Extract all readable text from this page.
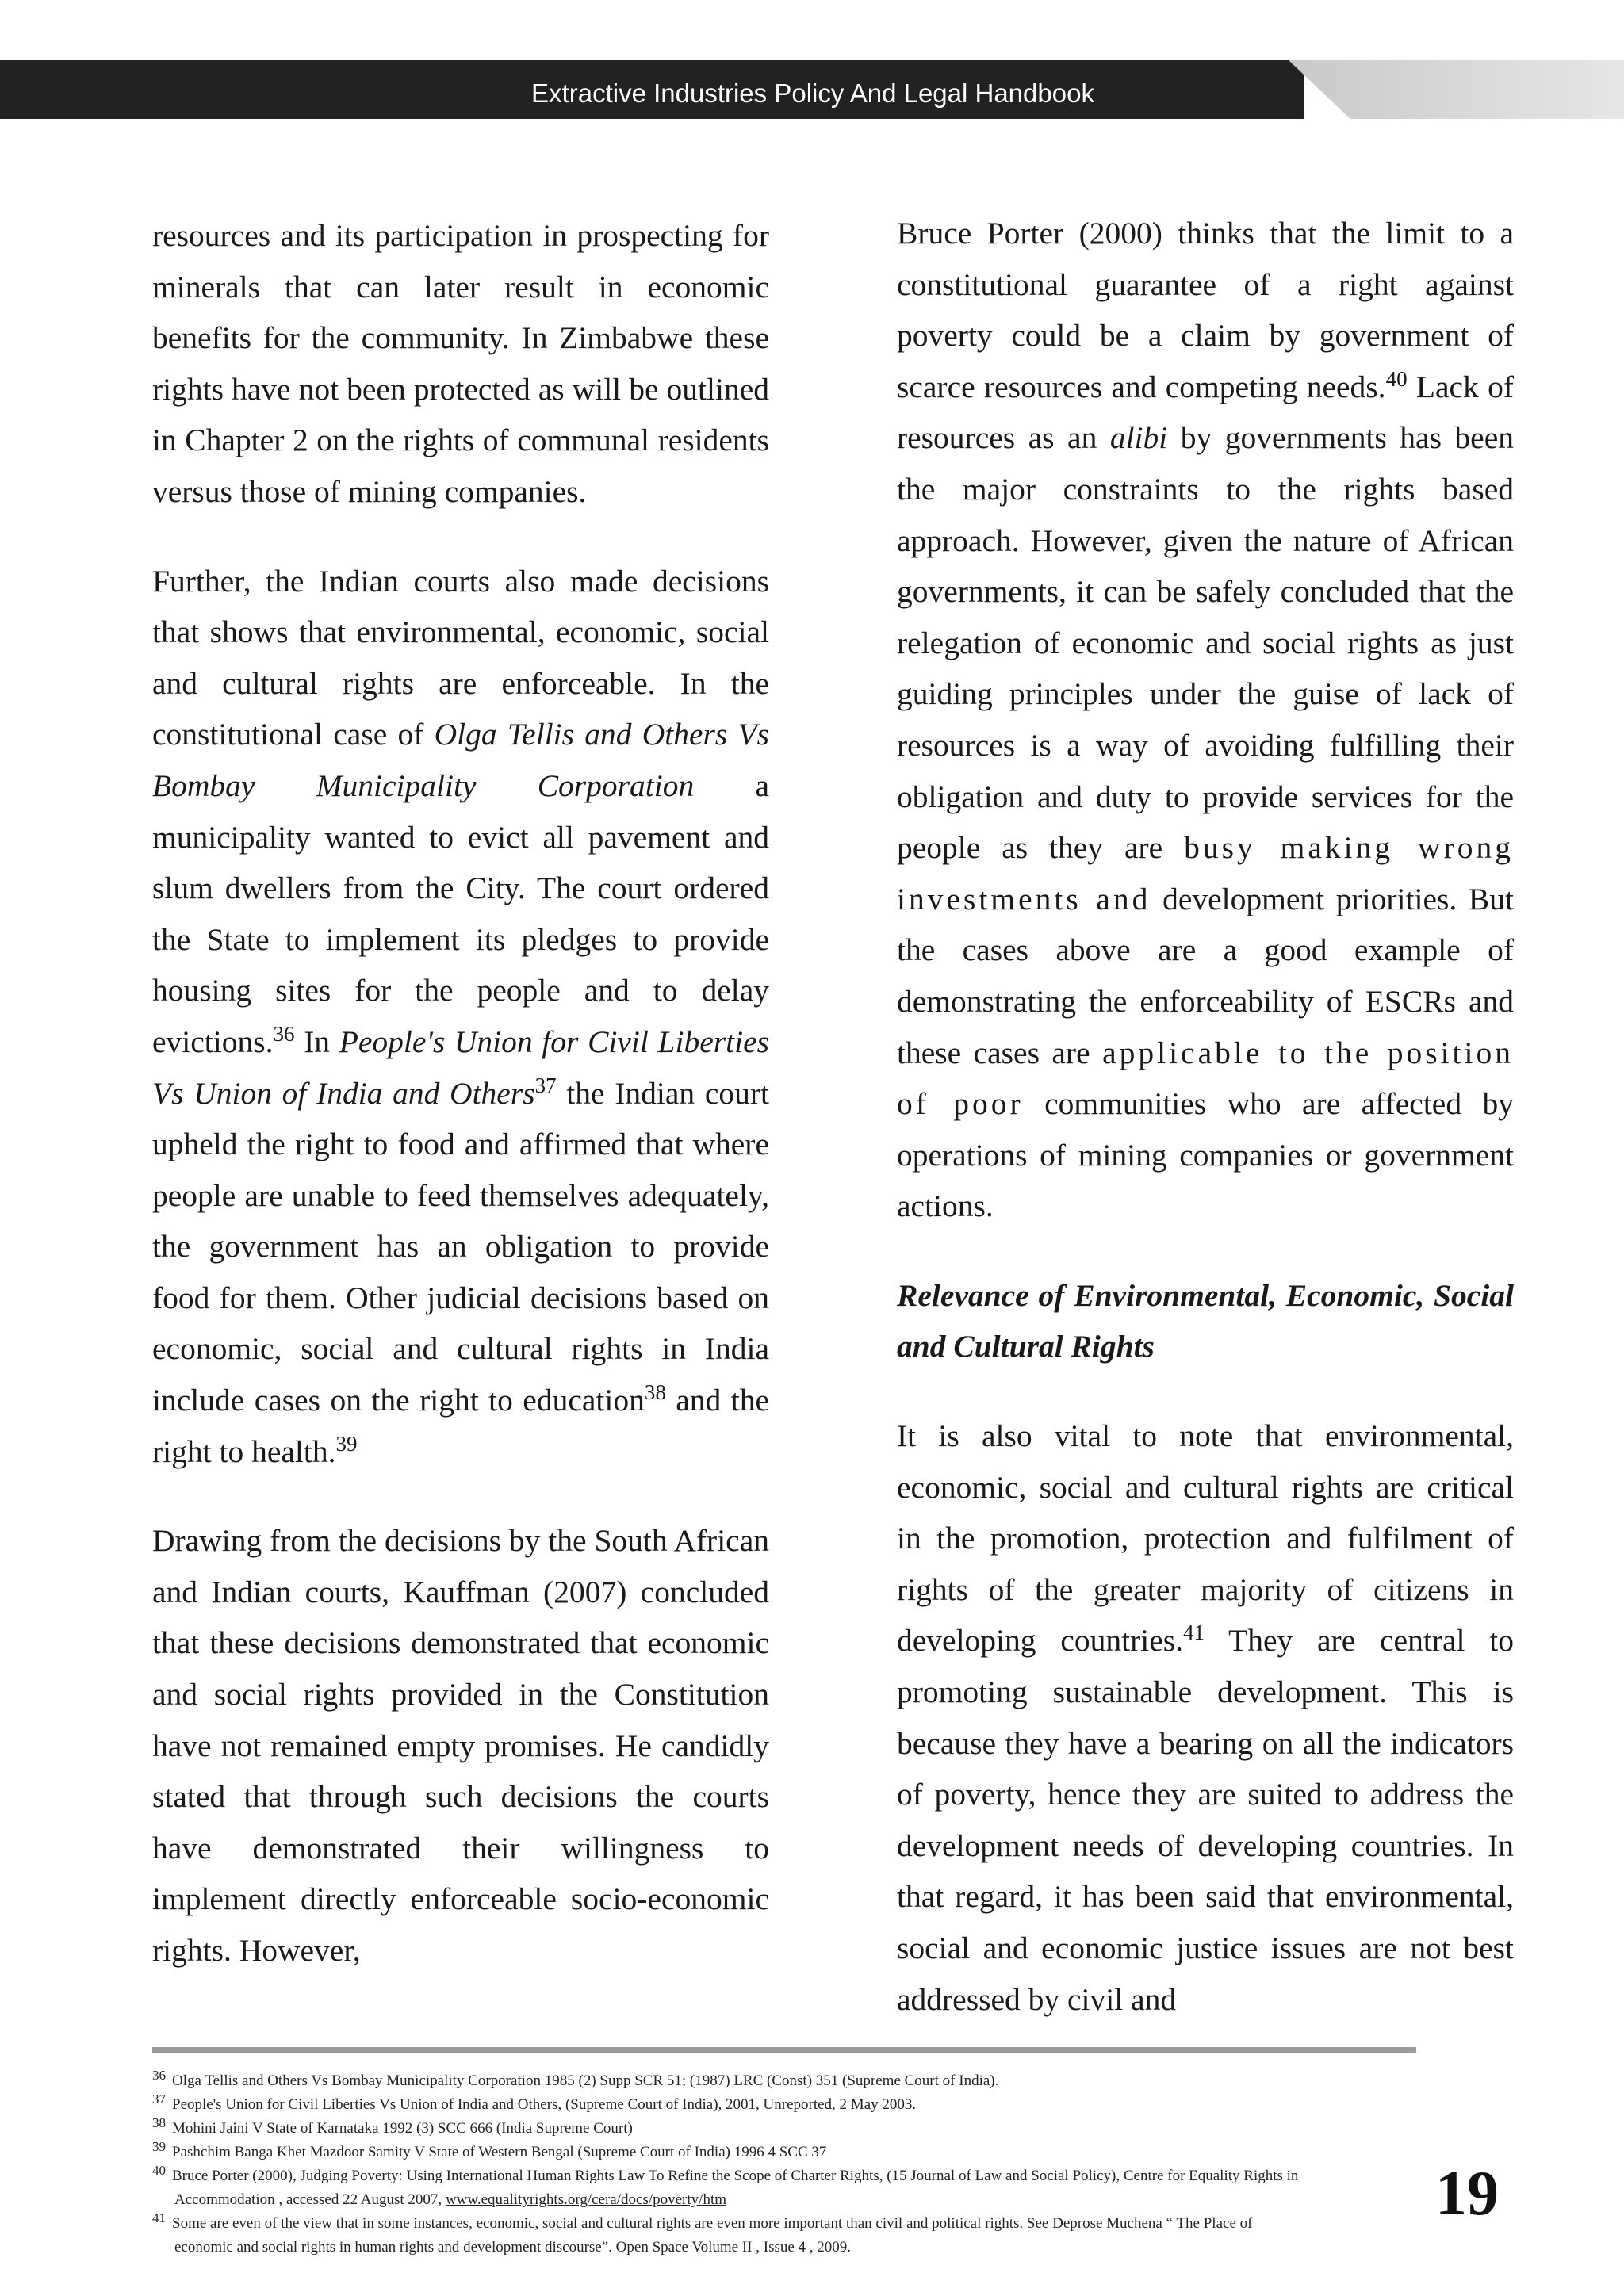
Extractive Industries Policy And Legal Handbook

resources and its participation in prospecting for minerals that can later result in economic benefits for the community. In Zimbabwe these rights have not been protected as will be outlined in Chapter 2 on the rights of communal residents versus those of mining companies.

Further, the Indian courts also made decisions that shows that environmental, economic, social and cultural rights are enforceable. In the constitutional case of Olga Tellis and Others Vs Bombay Municipality Corporation a municipality wanted to evict all pavement and slum dwellers from the City. The court ordered the State to implement its pledges to provide housing sites for the people and to delay evictions.$^{36}$ In People's Union for Civil Liberties Vs Union of India and Others$^{37}$ the Indian court upheld the right to food and affirmed that where people are unable to feed themselves adequately, the government has an obligation to provide food for them. Other judicial decisions based on economic, social and cultural rights in India include cases on the right to education$^{38}$ and the right to health.$^{39}$

Drawing from the decisions by the South African and Indian courts, Kauffman (2007) concluded that these decisions demonstrated that economic and social rights provided in the Constitution have not remained empty promises. He candidly stated that through such decisions the courts have demonstrated their willingness to implement directly enforceable socio-economic rights. However,

Bruce Porter (2000) thinks that the limit to a constitutional guarantee of a right against poverty could be a claim by government of scarce resources and competing needs.$^{40}$ Lack of resources as an alibi by governments has been the major constraints to the rights based approach. However, given the nature of African governments, it can be safely concluded that the relegation of economic and social rights as just guiding principles under the guise of lack of resources is a way of avoiding fulfilling their obligation and duty to provide services for the people as they are busy making wrong investments and development priorities. But the cases above are a good example of demonstrating the enforceability of ESCRs and these cases are applicable to the position of poor communities who are affected by operations of mining companies or government actions.

Relevance of Environmental, Economic, Social and Cultural Rights

It is also vital to note that environmental, economic, social and cultural rights are critical in the promotion, protection and fulfilment of rights of the greater majority of citizens in developing countries.$^{41}$ They are central to promoting sustainable development. This is because they have a bearing on all the indicators of poverty, hence they are suited to address the development needs of developing countries. In that regard, it has been said that environmental, social and economic justice issues are not best addressed by civil and

$^{36}$ Olga Tellis and Others Vs Bombay Municipality Corporation 1985 (2) Supp SCR 51; (1987) LRC (Const) 351 (Supreme Court of India).
$^{37}$ People's Union for Civil Liberties Vs Union of India and Others, (Supreme Court of India), 2001, Unreported, 2 May 2003.
$^{38}$ Mohini Jaini V State of Karnataka 1992 (3) SCC 666 (India Supreme Court)
$^{39}$ Pashchim Banga Khet Mazdoor Samity V State of Western Bengal (Supreme Court of India) 1996 4 SCC 37
$^{40}$ Bruce Porter (2000), Judging Poverty: Using International Human Rights Law To Refine the Scope of Charter Rights, (15 Journal of Law and Social Policy), Centre for Equality Rights in
Accommodation , accessed 22 August 2007, www.equalityrights.org/cera/docs/poverty/htm
$^{41}$ Some are even of the view that in some instances, economic, social and cultural rights are even more important than civil and political rights. See Deprose Muchena “ The Place of
economic and social rights in human rights and development discourse”. Open Space Volume II , Issue 4 , 2009.
19
